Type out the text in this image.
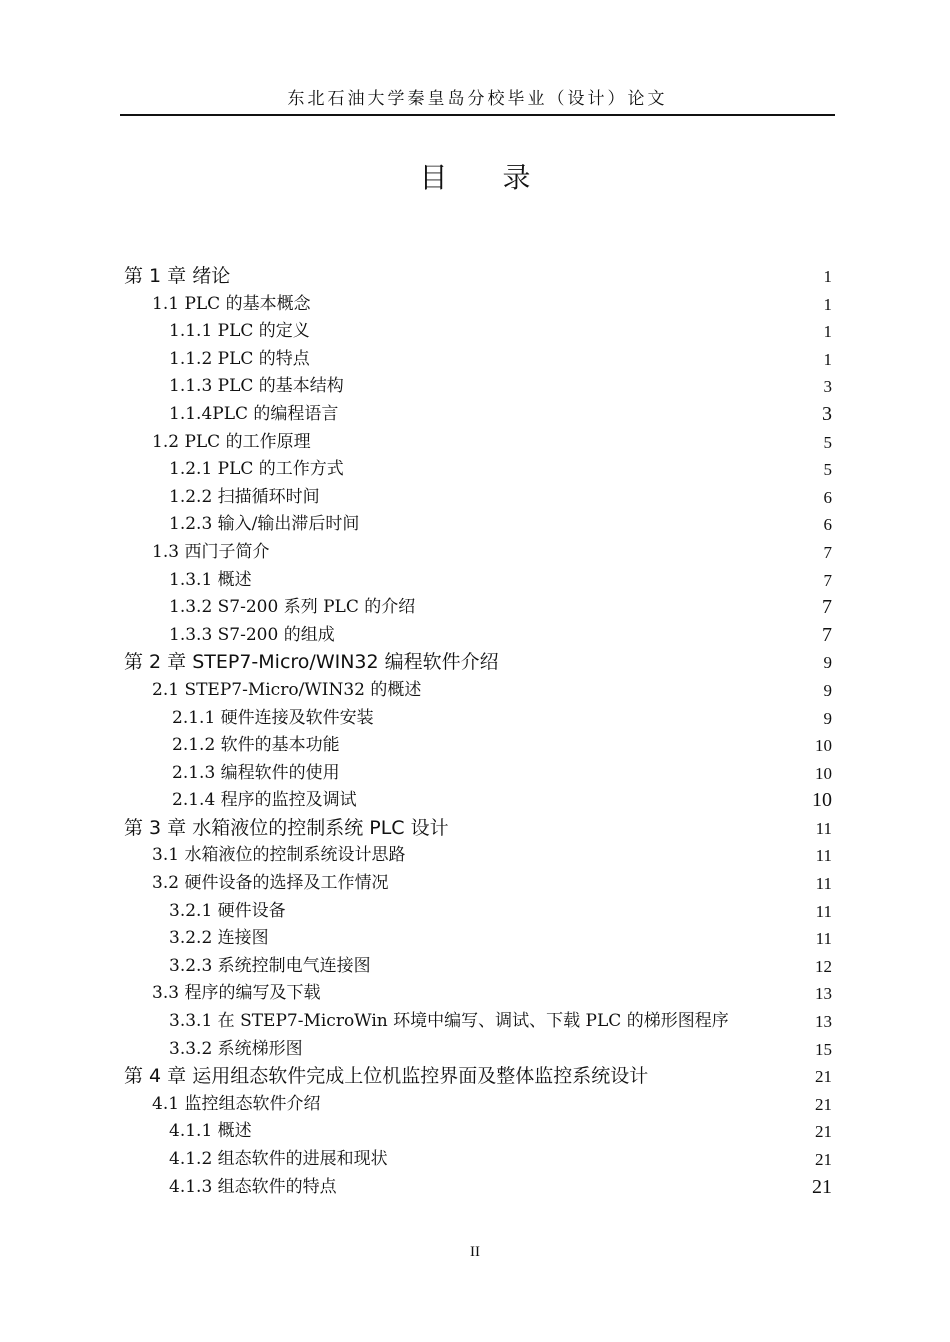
东北石油大学秦皇岛分校毕业（设计）论文
目 录
第 1 章 绪论	1
1.1 PLC 的基本概念	1
1.1.1 PLC 的定义	1
1.1.2 PLC 的特点	1
1.1.3 PLC 的基本结构	3
1.1.4PLC 的编程语言	3
1.2 PLC 的工作原理	5
1.2.1 PLC 的工作方式	5
1.2.2 扫描循环时间	6
1.2.3 输入/输出滞后时间	6
1.3 西门子简介	7
1.3.1 概述	7
1.3.2 S7-200 系列 PLC 的介绍	7
1.3.3 S7-200 的组成	7
第 2 章 STEP7-Micro/WIN32 编程软件介绍	9
2.1 STEP7-Micro/WIN32 的概述	9
2.1.1 硬件连接及软件安装	9
2.1.2 软件的基本功能	10
2.1.3 编程软件的使用	10
2.1.4 程序的监控及调试	10
第 3 章 水箱液位的控制系统 PLC 设计	11
3.1 水箱液位的控制系统设计思路	11
3.2 硬件设备的选择及工作情况	11
3.2.1 硬件设备	11
3.2.2 连接图	11
3.2.3 系统控制电气连接图	12
3.3 程序的编写及下载	13
3.3.1 在 STEP7-MicroWin 环境中编写、调试、下载 PLC 的梯形图程序	13
3.3.2 系统梯形图	15
第 4 章 运用组态软件完成上位机监控界面及整体监控系统设计	21
4.1 监控组态软件介绍	21
4.1.1 概述	21
4.1.2 组态软件的进展和现状	21
4.1.3 组态软件的特点	21
II
